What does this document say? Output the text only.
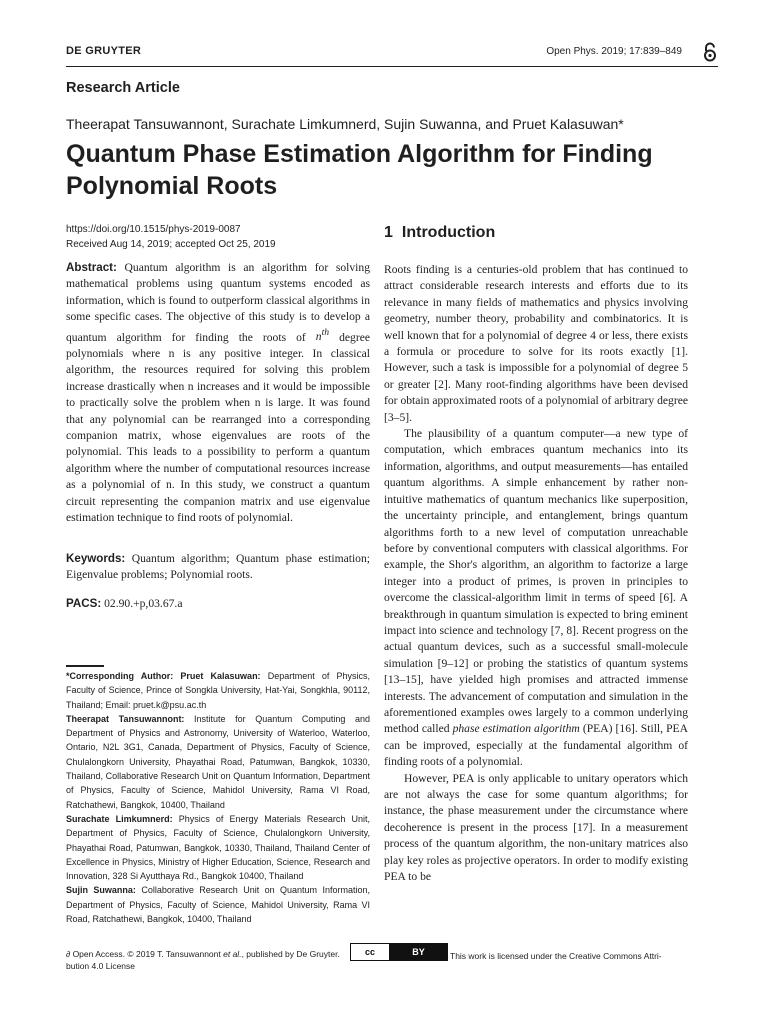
DE GRUYTER	Open Phys. 2019; 17:839–849
Research Article
Theerapat Tansuwannont, Surachate Limkumnerd, Sujin Suwanna, and Pruet Kalasuwan*
Quantum Phase Estimation Algorithm for Finding Polynomial Roots
https://doi.org/10.1515/phys-2019-0087
Received Aug 14, 2019; accepted Oct 25, 2019

Abstract: Quantum algorithm is an algorithm for solving mathematical problems using quantum systems encoded as information, which is found to outperform classical algorithms in some specific cases. The objective of this study is to develop a quantum algorithm for finding the roots of $n^{th}$ degree polynomials where n is any positive integer. In classical algorithm, the resources required for solving this problem increase drastically when n increases and it would be impossible to practically solve the problem when n is large. It was found that any polynomial can be rearranged into a corresponding companion matrix, whose eigenvalues are roots of the polynomial. This leads to a possibility to perform a quantum algorithm where the number of computational resources increase as a polynomial of n. In this study, we construct a quantum circuit representing the companion matrix and use eigenvalue estimation technique to find roots of polynomial.

Keywords: Quantum algorithm; Quantum phase estimation; Eigenvalue problems; Polynomial roots.

PACS: 02.90.+p,03.67.a

*Corresponding Author: Pruet Kalasuwan: Department of Physics, Faculty of Science, Prince of Songkla University, Hat-Yai, Songkhla, 90112, Thailand; Email: pruet.k@psu.ac.th

Theerapat Tansuwannont: Institute for Quantum Computing and Department of Physics and Astronomy, University of Waterloo, Waterloo, Ontario, N2L 3G1, Canada, Department of Physics, Faculty of Science, Chulalongkorn University, Phayathai Road, Patumwan, Bangkok, 10330, Thailand, Collaborative Research Unit on Quantum Information, Department of Physics, Faculty of Science, Mahidol University, Rama VI Road, Ratchathewi, Bangkok, 10400, Thailand

Surachate Limkumnerd: Physics of Energy Materials Research Unit, Department of Physics, Faculty of Science, Chulalongkorn University, Phayathai Road, Patumwan, Bangkok, 10330, Thailand, Thailand Center of Excellence in Physics, Ministry of Higher Education, Science, Research and Innovation, 328 Si Ayutthaya Rd., Bangkok 10400, Thailand

Sujin Suwanna: Collaborative Research Unit on Quantum Information, Department of Physics, Faculty of Science, Mahidol University, Rama VI Road, Ratchathewi, Bangkok, 10400, Thailand

1 Introduction

Roots finding is a centuries-old problem that has continued to attract considerable research interests and efforts due to its relevance in many fields of mathematics and physics involving geometry, number theory, probability and combinatorics. It is well known that for a polynomial of degree 4 or less, there exists a formula or procedure to solve for its roots exactly [1]. However, such a task is impossible for a polynomial of degree 5 or greater [2]. Many root-finding algorithms have been devised for obtain approximated roots of a polynomial of arbitrary degree [3–5].

The plausibility of a quantum computer—a new type of computation, which embraces quantum mechanics into its information, algorithms, and output measurements—has entailed quantum algorithms. A simple enhancement by rather non-intuitive mathematics of quantum mechanics like superposition, the uncertainty principle, and entanglement, brings quantum algorithms forth to a new level of computation unreachable before by conventional computers with classical algorithms. For example, the Shor's algorithm, an algorithm to factorize a large integer into a product of primes, is proven in principles to overcome the classical-algorithm limit in terms of speed [6]. A breakthrough in quantum simulation is expected to bring eminent impact into science and technology [7, 8]. Recent progress on the actual quantum devices, such as a successful small-molecule simulation [9–12] or probing the statistics of quantum systems [13–15], have yielded high promises and attracted immense interests. The advancement of computation and simulation in the aforementioned examples owes largely to a common underlying method called phase estimation algorithm (PEA) [16]. Still, PEA can be improved, especially at the fundamental algorithm of finding roots of a polynomial.

However, PEA is only applicable to unitary operators which are not always the case for some quantum algorithms; for instance, the phase measurement under the circumstance where decoherence is present in the process [17]. In a measurement process of the quantum algorithm, the non-unitary matrices also play key roles as projective operators. In order to modify existing PEA to be

∂ Open Access. © 2019 T. Tansuwannont et al., published by De Gruyter.
bution 4.0 License
cc	BY	This work is licensed under the Creative Commons Attri-
